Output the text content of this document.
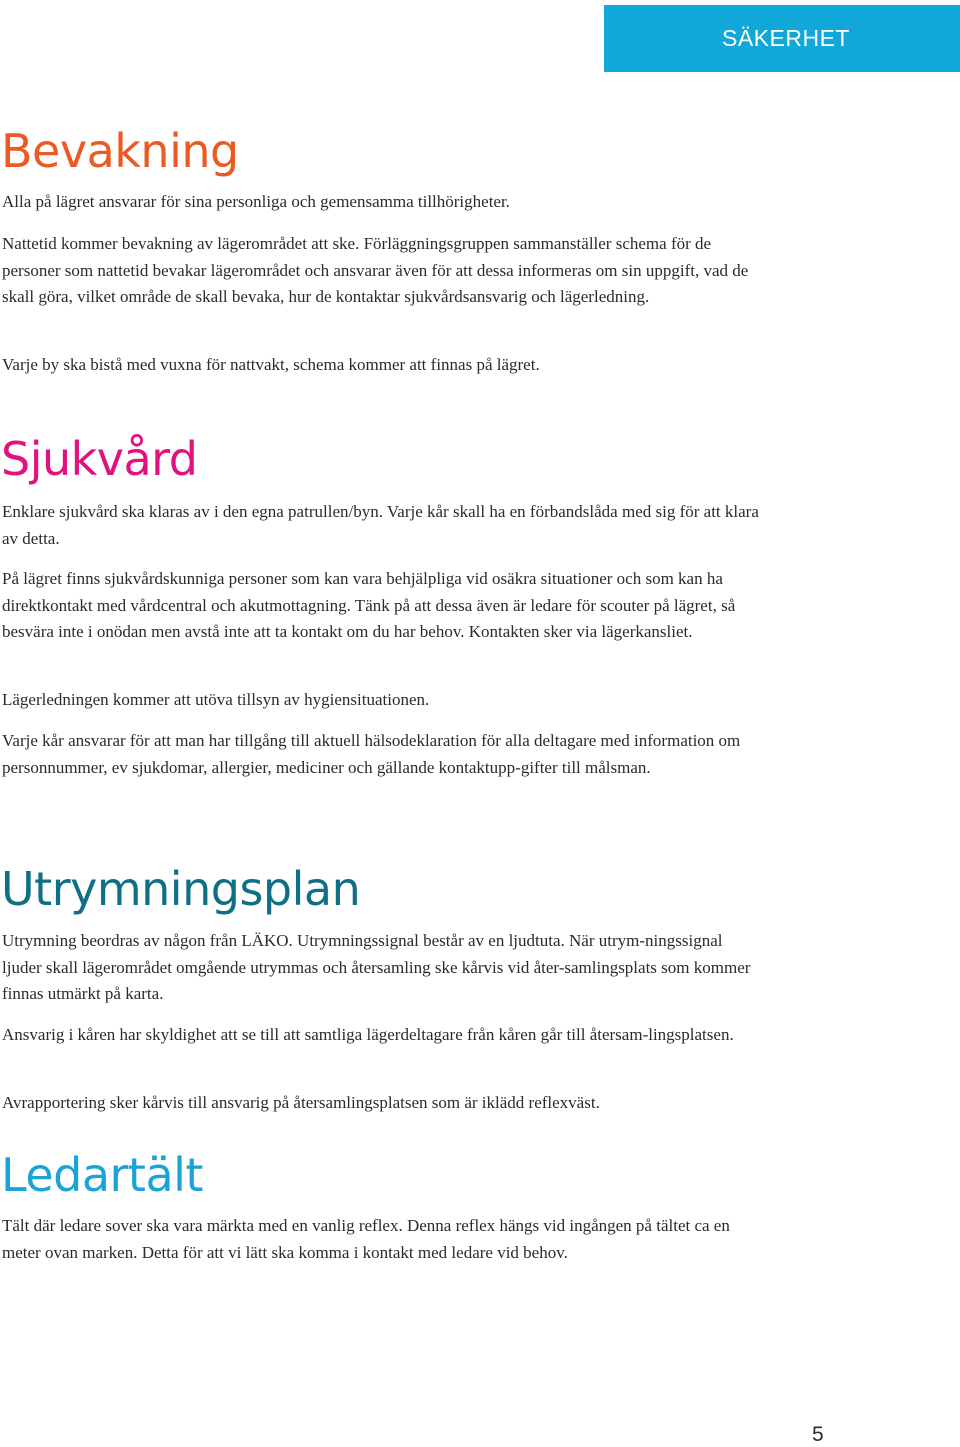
SÄKERHET
Bevakning

Alla på lägret ansvarar för sina personliga och gemensamma tillhörigheter.

Nattetid kommer bevakning av lägerområdet att ske. Förläggningsgruppen sammanställer schema för de personer som nattetid bevakar lägerområdet och ansvarar även för att dessa informeras om sin uppgift, vad de skall göra, vilket område de skall bevaka, hur de kontaktar sjukvårdsansvarig och lägerledning.

Varje by ska bistå med vuxna för nattvakt, schema kommer att finnas på lägret.

Sjukvård

Enklare sjukvård ska klaras av i den egna patrullen/byn. Varje kår skall ha en förbandslåda med sig för att klara av detta.

På lägret finns sjukvårdskunniga personer som kan vara behjälpliga vid osäkra situationer och som kan ha direktkontakt med vårdcentral och akutmottagning. Tänk på att dessa även är ledare för scouter på lägret, så besvära inte i onödan men avstå inte att ta kontakt om du har behov. Kontakten sker via lägerkansliet.

Lägerledningen kommer att utöva tillsyn av hygiensituationen.

Varje kår ansvarar för att man har tillgång till aktuell hälsodeklaration för alla deltagare med information om personnummer, ev sjukdomar, allergier, mediciner och gällande kontaktupp-gifter till målsman.

Utrymningsplan

Utrymning beordras av någon från LÄKO. Utrymningssignal består av en ljudtuta. När utrym-ningssignal ljuder skall lägerområdet omgående utrymmas och återsamling ske kårvis vid åter-samlingsplats som kommer finnas utmärkt på karta.

Ansvarig i kåren har skyldighet att se till att samtliga lägerdeltagare från kåren går till återsam-lingsplatsen.

Avrapportering sker kårvis till ansvarig på återsamlingsplatsen som är iklädd reflexväst.

Ledartält

Tält där ledare sover ska vara märkta med en vanlig reflex. Denna reflex hängs vid ingången på tältet ca en meter ovan marken. Detta för att vi lätt ska komma i kontakt med ledare vid behov.

5
